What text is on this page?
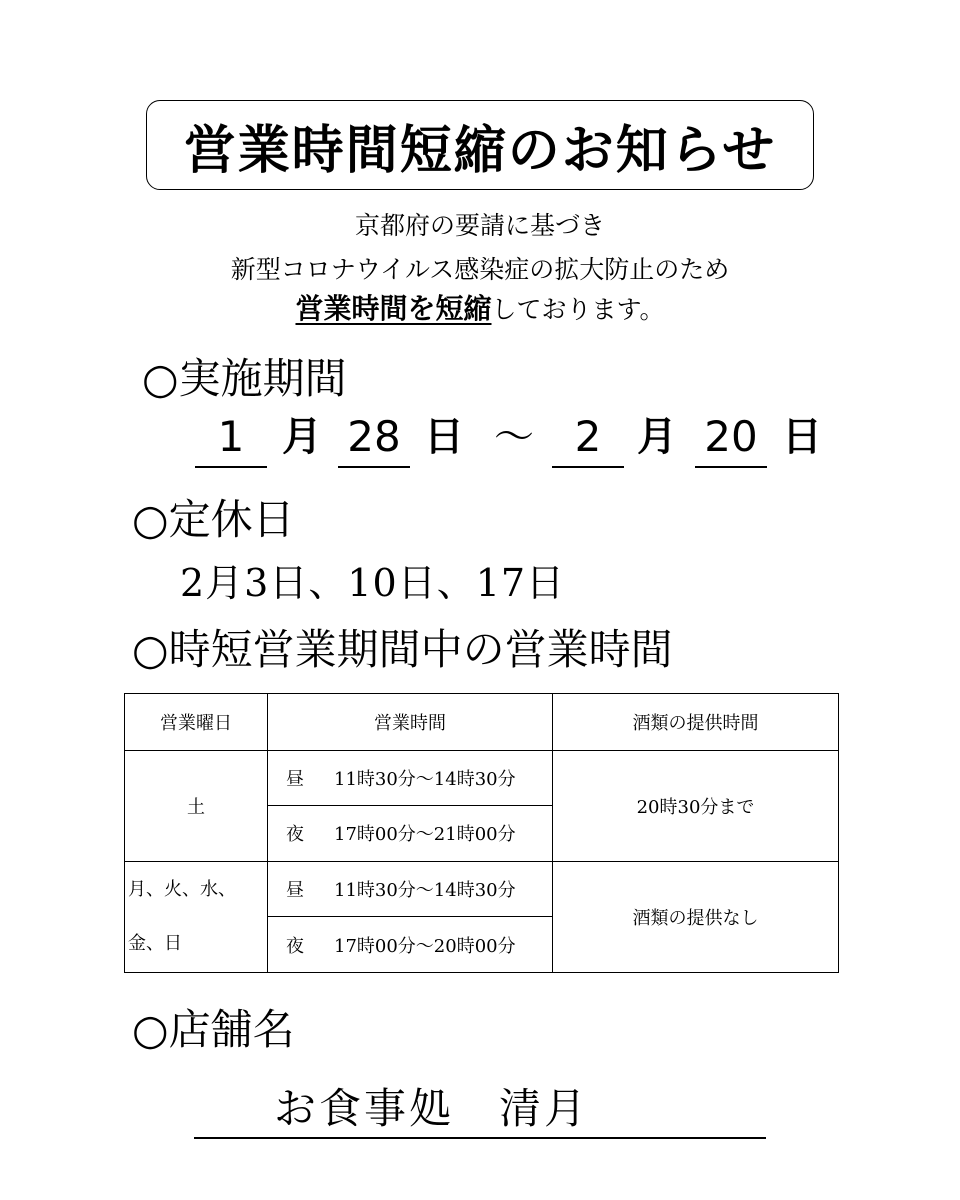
営業時間短縮のお知らせ
京都府の要請に基づき
新型コロナウイルス感染症の拡大防止のため
営業時間を短縮しております。
○実施期間
1 月 28 日 ～ 2 月 20 日
○定休日
2月3日、10日、17日
○時短営業期間中の営業時間
営業曜日	営業時間	酒類の提供時間
土	昼 11時30分～14時30分	20時30分まで
	夜 17時00分～21時00分	
月、火、水、
金、日	昼 11時30分～14時30分	酒類の提供なし
	夜 17時00分～20時00分	
○店舗名
お食事処　清月
